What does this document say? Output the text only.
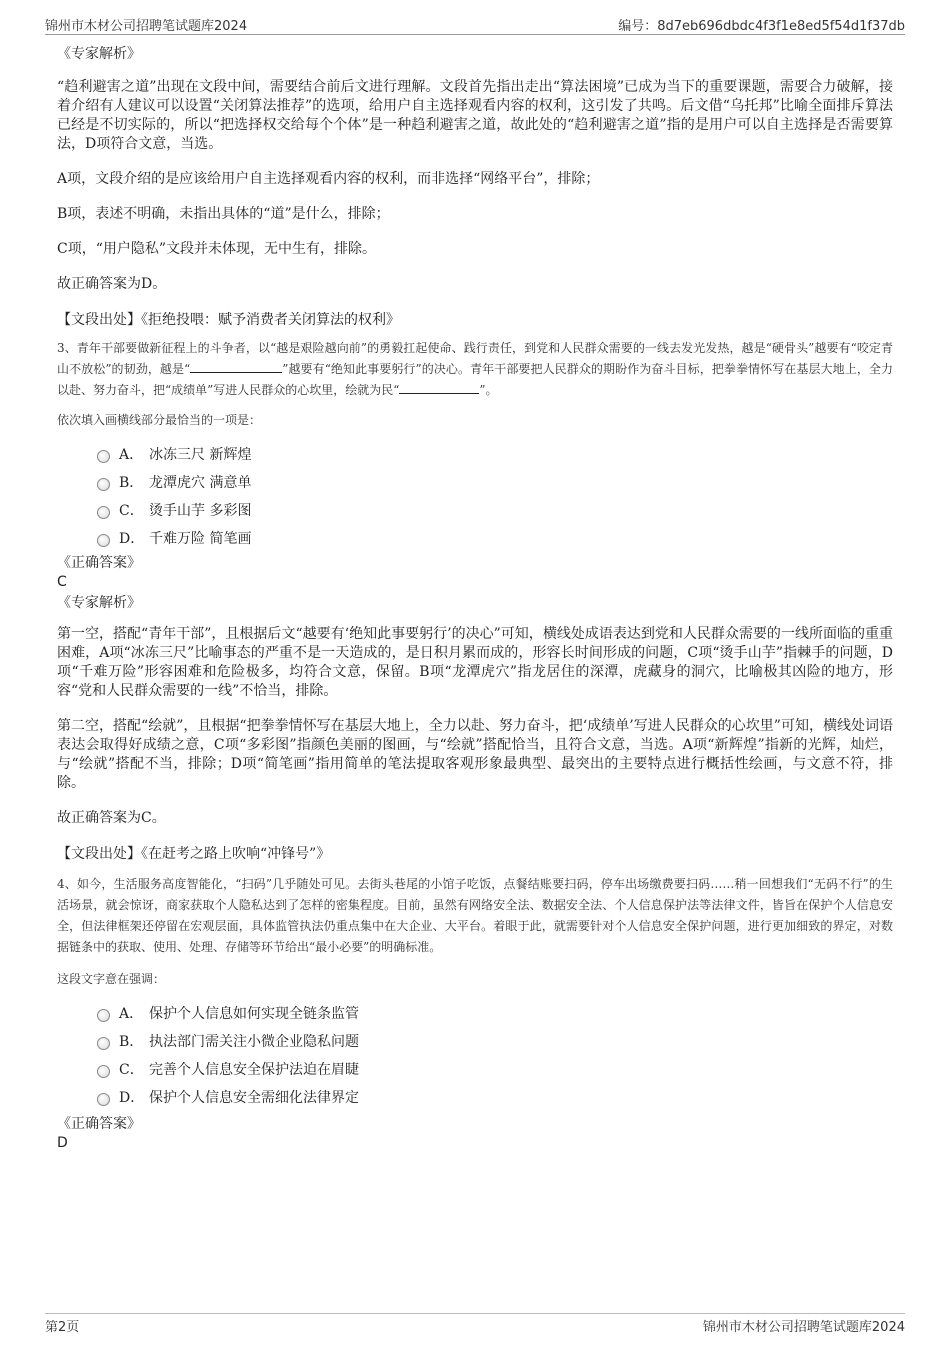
锦州市木材公司招聘笔试题库2024	编号：8d7eb696dbdc4f3f1e8ed5f54d1f37db

《专家解析》

“趋利避害之道”出现在文段中间，需要结合前后文进行理解。文段首先指出走出“算法困境”已成为当下的重要课题，需要合力破解，接着介绍有人建议可以设置“关闭算法推荐”的选项，给用户自主选择观看内容的权利，这引发了共鸣。后文借“乌托邦”比喻全面排斥算法已经是不切实际的，所以“把选择权交给每个个体”是一种趋利避害之道，故此处的“趋利避害之道”指的是用户可以自主选择是否需要算法，D项符合文意，当选。

A项，文段介绍的是应该给用户自主选择观看内容的权利，而非选择“网络平台”，排除；

B项，表述不明确，未指出具体的“道”是什么，排除；

C项，“用户隐私”文段并未体现，无中生有，排除。

故正确答案为D。

【文段出处】《拒绝投喂：赋予消费者关闭算法的权利》

3、青年干部要做新征程上的斗争者，以“越是艰险越向前”的勇毅扛起使命、践行责任，到党和人民群众需要的一线去发光发热，越是“硬骨头”越要有“咬定青山不放松”的韧劲，越是“	”越要有“绝知此事要躬行”的决心。青年干部要把人民群众的期盼作为奋斗目标，把拳拳情怀写在基层大地上，全力以赴、努力奋斗，把“成绩单”写进人民群众的心坎里，绘就为民“	”。

依次填入画横线部分最恰当的一项是：

A． 冰冻三尺 新辉煌
B． 龙潭虎穴 满意单
C． 烫手山芋 多彩图
D． 千难万险 简笔画

《正确答案》

C

《专家解析》

第一空，搭配“青年干部”，且根据后文“越要有‘绝知此事要躬行’的决心”可知，横线处成语表达到党和人民群众需要的一线所面临的重重困难，A项“冰冻三尺”比喻事态的严重不是一天造成的，是日积月累而成的，形容长时间形成的问题，C项“烫手山芋”指棘手的问题，D项“千难万险”形容困难和危险极多，均符合文意，保留。B项“龙潭虎穴”指龙居住的深潭，虎藏身的洞穴，比喻极其凶险的地方，形容“党和人民群众需要的一线”不恰当，排除。

第二空，搭配“绘就”，且根据“把拳拳情怀写在基层大地上，全力以赴、努力奋斗，把‘成绩单’写进人民群众的心坎里”可知，横线处词语表达会取得好成绩之意，C项“多彩图”指颜色美丽的图画，与“绘就”搭配恰当，且符合文意，当选。A项“新辉煌”指新的光辉，灿烂，与“绘就”搭配不当，排除；D项“简笔画”指用简单的笔法提取客观形象最典型、最突出的主要特点进行概括性绘画，与文意不符，排除。

故正确答案为C。

【文段出处】《在赶考之路上吹响“冲锋号”》

4、如今，生活服务高度智能化，“扫码”几乎随处可见。去街头巷尾的小馆子吃饭，点餐结账要扫码，停车出场缴费要扫码……稍一回想我们“无码不行”的生活场景，就会惊讶，商家获取个人隐私达到了怎样的密集程度。目前，虽然有网络安全法、数据安全法、个人信息保护法等法律文件，皆旨在保护个人信息安全，但法律框架还停留在宏观层面，具体监管执法仍重点集中在大企业、大平台。着眼于此，就需要针对个人信息安全保护问题，进行更加细致的界定，对数据链条中的获取、使用、处理、存储等环节给出“最小必要”的明确标准。

这段文字意在强调：

A． 保护个人信息如何实现全链条监管
B． 执法部门需关注小微企业隐私问题
C． 完善个人信息安全保护法迫在眉睫
D． 保护个人信息安全需细化法律界定

《正确答案》

D

第2页	锦州市木材公司招聘笔试题库2024
